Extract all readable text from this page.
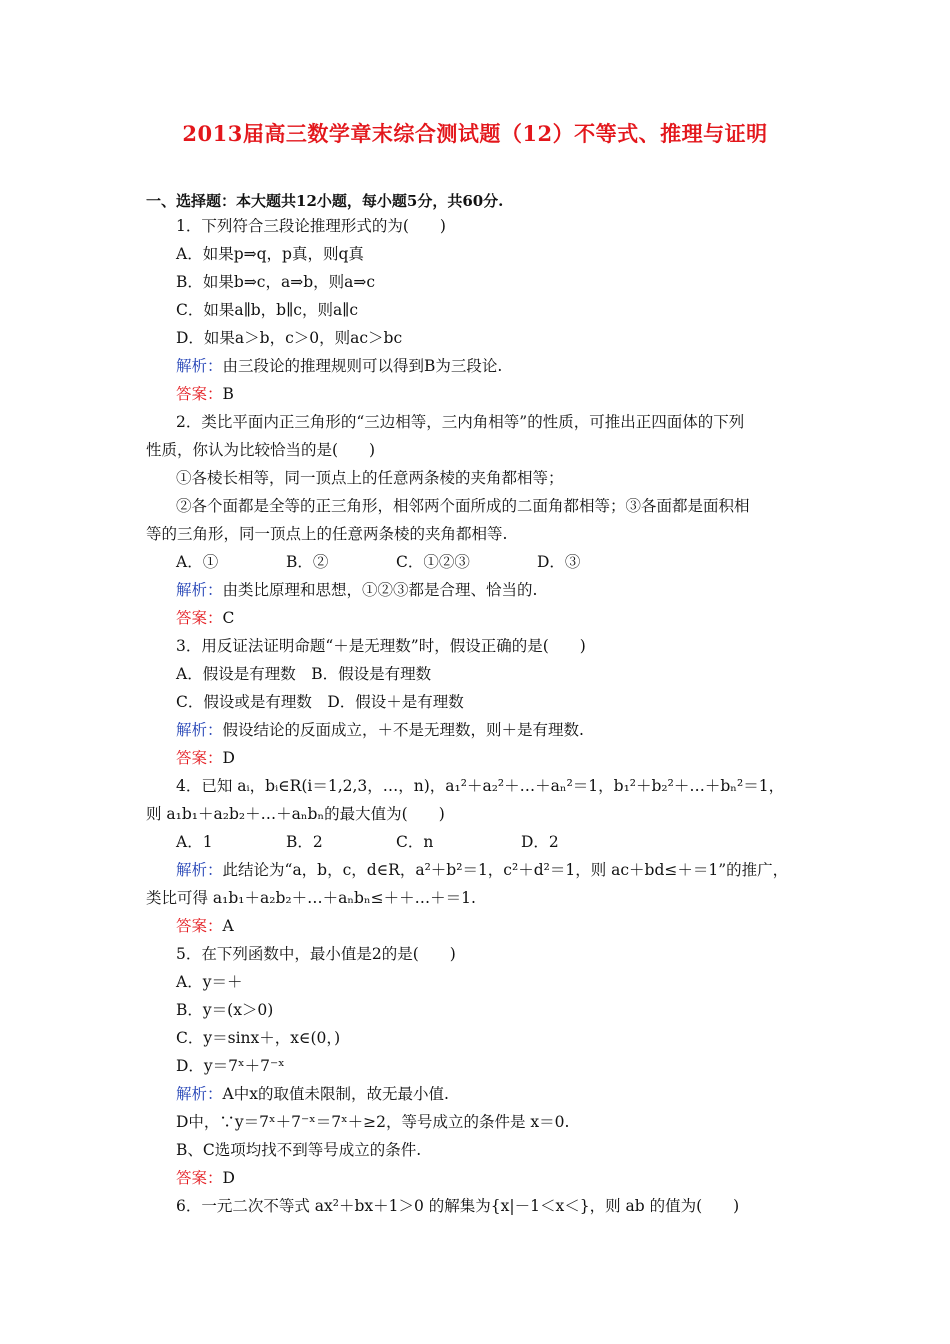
2013届高三数学章末综合测试题（12）不等式、推理与证明
一、选择题：本大题共12小题，每小题5分，共60分.
1．下列符合三段论推理形式的为(　　)
A．如果p⇒q，p真，则q真
B．如果b⇒c，a⇒b，则a⇒c
C．如果a∥b，b∥c，则a∥c
D．如果a＞b，c＞0，则ac＞bc
解析：由三段论的推理规则可以得到B为三段论.
答案：B
2．类比平面内正三角形的“三边相等，三内角相等”的性质，可推出正四面体的下列
性质，你认为比较恰当的是(　　)
①各棱长相等，同一顶点上的任意两条棱的夹角都相等；
②各个面都是全等的正三角形，相邻两个面所成的二面角都相等；③各面都是面积相
等的三角形，同一顶点上的任意两条棱的夹角都相等.
A．①	B．②	C．①②③	D．③
解析：由类比原理和思想，①②③都是合理、恰当的.
答案：C
3．用反证法证明命题“＋是无理数”时，假设正确的是(　　)
A．假设是有理数　B．假设是有理数
C．假设或是有理数　D．假设＋是有理数
解析：假设结论的反面成立，＋不是无理数，则＋是有理数.
答案：D
4．已知 aᵢ，bᵢ∈R(i＝1,2,3，…，n)，a₁²＋a₂²＋…＋aₙ²＝1，b₁²＋b₂²＋…＋bₙ²＝1，
则 a₁b₁＋a₂b₂＋…＋aₙbₙ的最大值为(　　)
A．1	B．2	C．n	D．2
解析：此结论为“a，b，c，d∈R，a²＋b²＝1，c²＋d²＝1，则 ac＋bd≤＋＝1”的推广，
类比可得 a₁b₁＋a₂b₂＋…＋aₙbₙ≤＋＋…＋＝1.
答案：A
5．在下列函数中，最小值是2的是(　　)
A．y＝＋
B．y＝(x＞0)
C．y＝sinx＋，x∈(0，)
D．y＝7ˣ＋7⁻ˣ
解析：A中x的取值未限制，故无最小值.
D中，∵y＝7ˣ＋7⁻ˣ＝7ˣ＋≥2，等号成立的条件是 x＝0.
B、C选项均找不到等号成立的条件.
答案：D
6．一元二次不等式 ax²＋bx＋1＞0 的解集为{x|－1＜x＜}，则 ab 的值为(　　)
